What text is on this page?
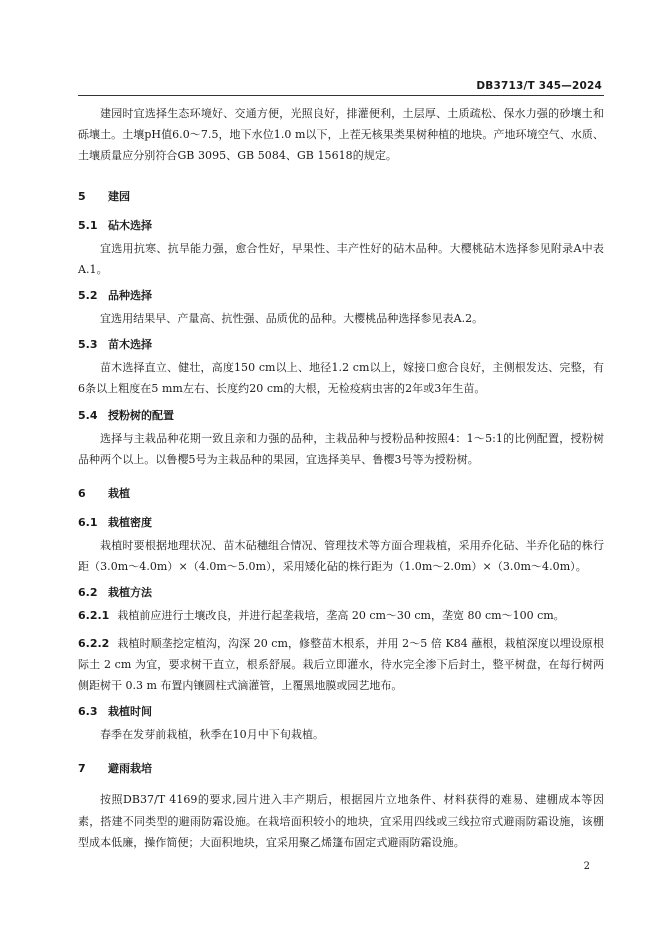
DB3713/T 345—2024

建园时宜选择生态环境好、交通方便，光照良好，排灌便利，土层厚、土质疏松、保水力强的砂壤土和砾壤土。土壤pH值6.0～7.5，地下水位1.0 m以下，上茬无核果类果树种植的地块。产地环境空气、水质、土壤质量应分别符合GB 3095、GB 5084、GB 15618的规定。

5 建园
5.1 砧木选择

宜选用抗寒、抗旱能力强，愈合性好，早果性、丰产性好的砧木品种。大樱桃砧木选择参见附录A中表A.1。

5.2 品种选择

宜选用结果早、产量高、抗性强、品质优的品种。大樱桃品种选择参见表A.2。

5.3 苗木选择

苗木选择直立、健壮，高度150 cm以上、地径1.2 cm以上，嫁接口愈合良好，主侧根发达、完整，有6条以上粗度在5 mm左右、长度约20 cm的大根，无检疫病虫害的2年或3年生苗。

5.4 授粉树的配置

选择与主栽品种花期一致且亲和力强的品种，主栽品种与授粉品种按照4：1～5:1的比例配置，授粉树品种两个以上。以鲁樱5号为主栽品种的果园，宜选择美早、鲁樱3号等为授粉树。

6 栽植
6.1 栽植密度

栽植时要根据地理状况、苗木砧穗组合情况、管理技术等方面合理栽植，采用乔化砧、半乔化砧的株行距（3.0m～4.0m）×（4.0m～5.0m），采用矮化砧的株行距为（1.0m～2.0m）×（3.0m～4.0m）。

6.2 栽植方法

6.2.1 栽植前应进行土壤改良，并进行起垄栽培，垄高 20 cm～30 cm，垄宽 80 cm～100 cm。

6.2.2 栽植时顺垄挖定植沟，沟深 20 cm，修整苗木根系，并用 2～5 倍 K84 蘸根，栽植深度以埋设原根际土 2 cm 为宜，要求树干直立，根系舒展。栽后立即灌水，待水完全渗下后封土，整平树盘，在每行树两侧距树干 0.3 m 布置内镶圆柱式滴灌管，上覆黑地膜或园艺地布。

6.3 栽植时间

春季在发芽前栽植，秋季在10月中下旬栽植。

7 避雨栽培

按照DB37/T 4169的要求,园片进入丰产期后，根据园片立地条件、材料获得的难易、建棚成本等因素，搭建不同类型的避雨防霜设施。在栽培面积较小的地块，宜采用四线或三线拉帘式避雨防霜设施，该棚型成本低廉，操作简便；大面积地块，宜采用聚乙烯篷布固定式避雨防霜设施。

2
